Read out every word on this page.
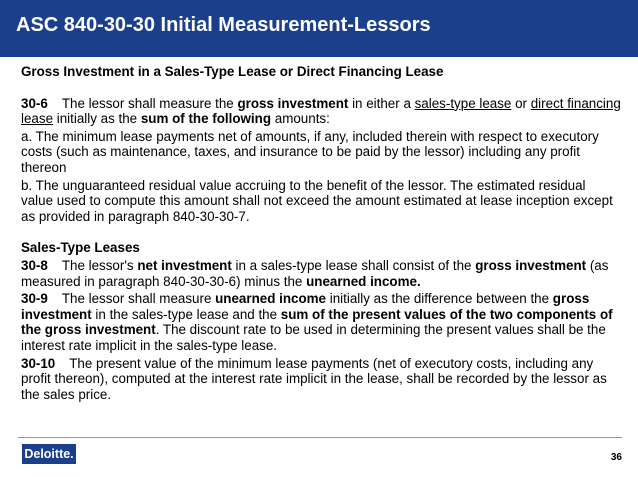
ASC 840-30-30 Initial Measurement-Lessors

Gross Investment in a Sales-Type Lease or Direct Financing Lease

30-6 The lessor shall measure the gross investment in either a sales-type lease or direct financing lease initially as the sum of the following amounts:

a. The minimum lease payments net of amounts, if any, included therein with respect to executory costs (such as maintenance, taxes, and insurance to be paid by the lessor) including any profit thereon

b. The unguaranteed residual value accruing to the benefit of the lessor. The estimated residual value used to compute this amount shall not exceed the amount estimated at lease inception except as provided in paragraph 840-30-30-7.

Sales-Type Leases

30-8 The lessor's net investment in a sales-type lease shall consist of the gross investment (as measured in paragraph 840-30-30-6) minus the unearned income.

30-9 The lessor shall measure unearned income initially as the difference between the gross investment in the sales-type lease and the sum of the present values of the two components of the gross investment. The discount rate to be used in determining the present values shall be the interest rate implicit in the sales-type lease.

30-10 The present value of the minimum lease payments (net of executory costs, including any profit thereon), computed at the interest rate implicit in the lease, shall be recorded by the lessor as the sales price.

Deloitte.	36
